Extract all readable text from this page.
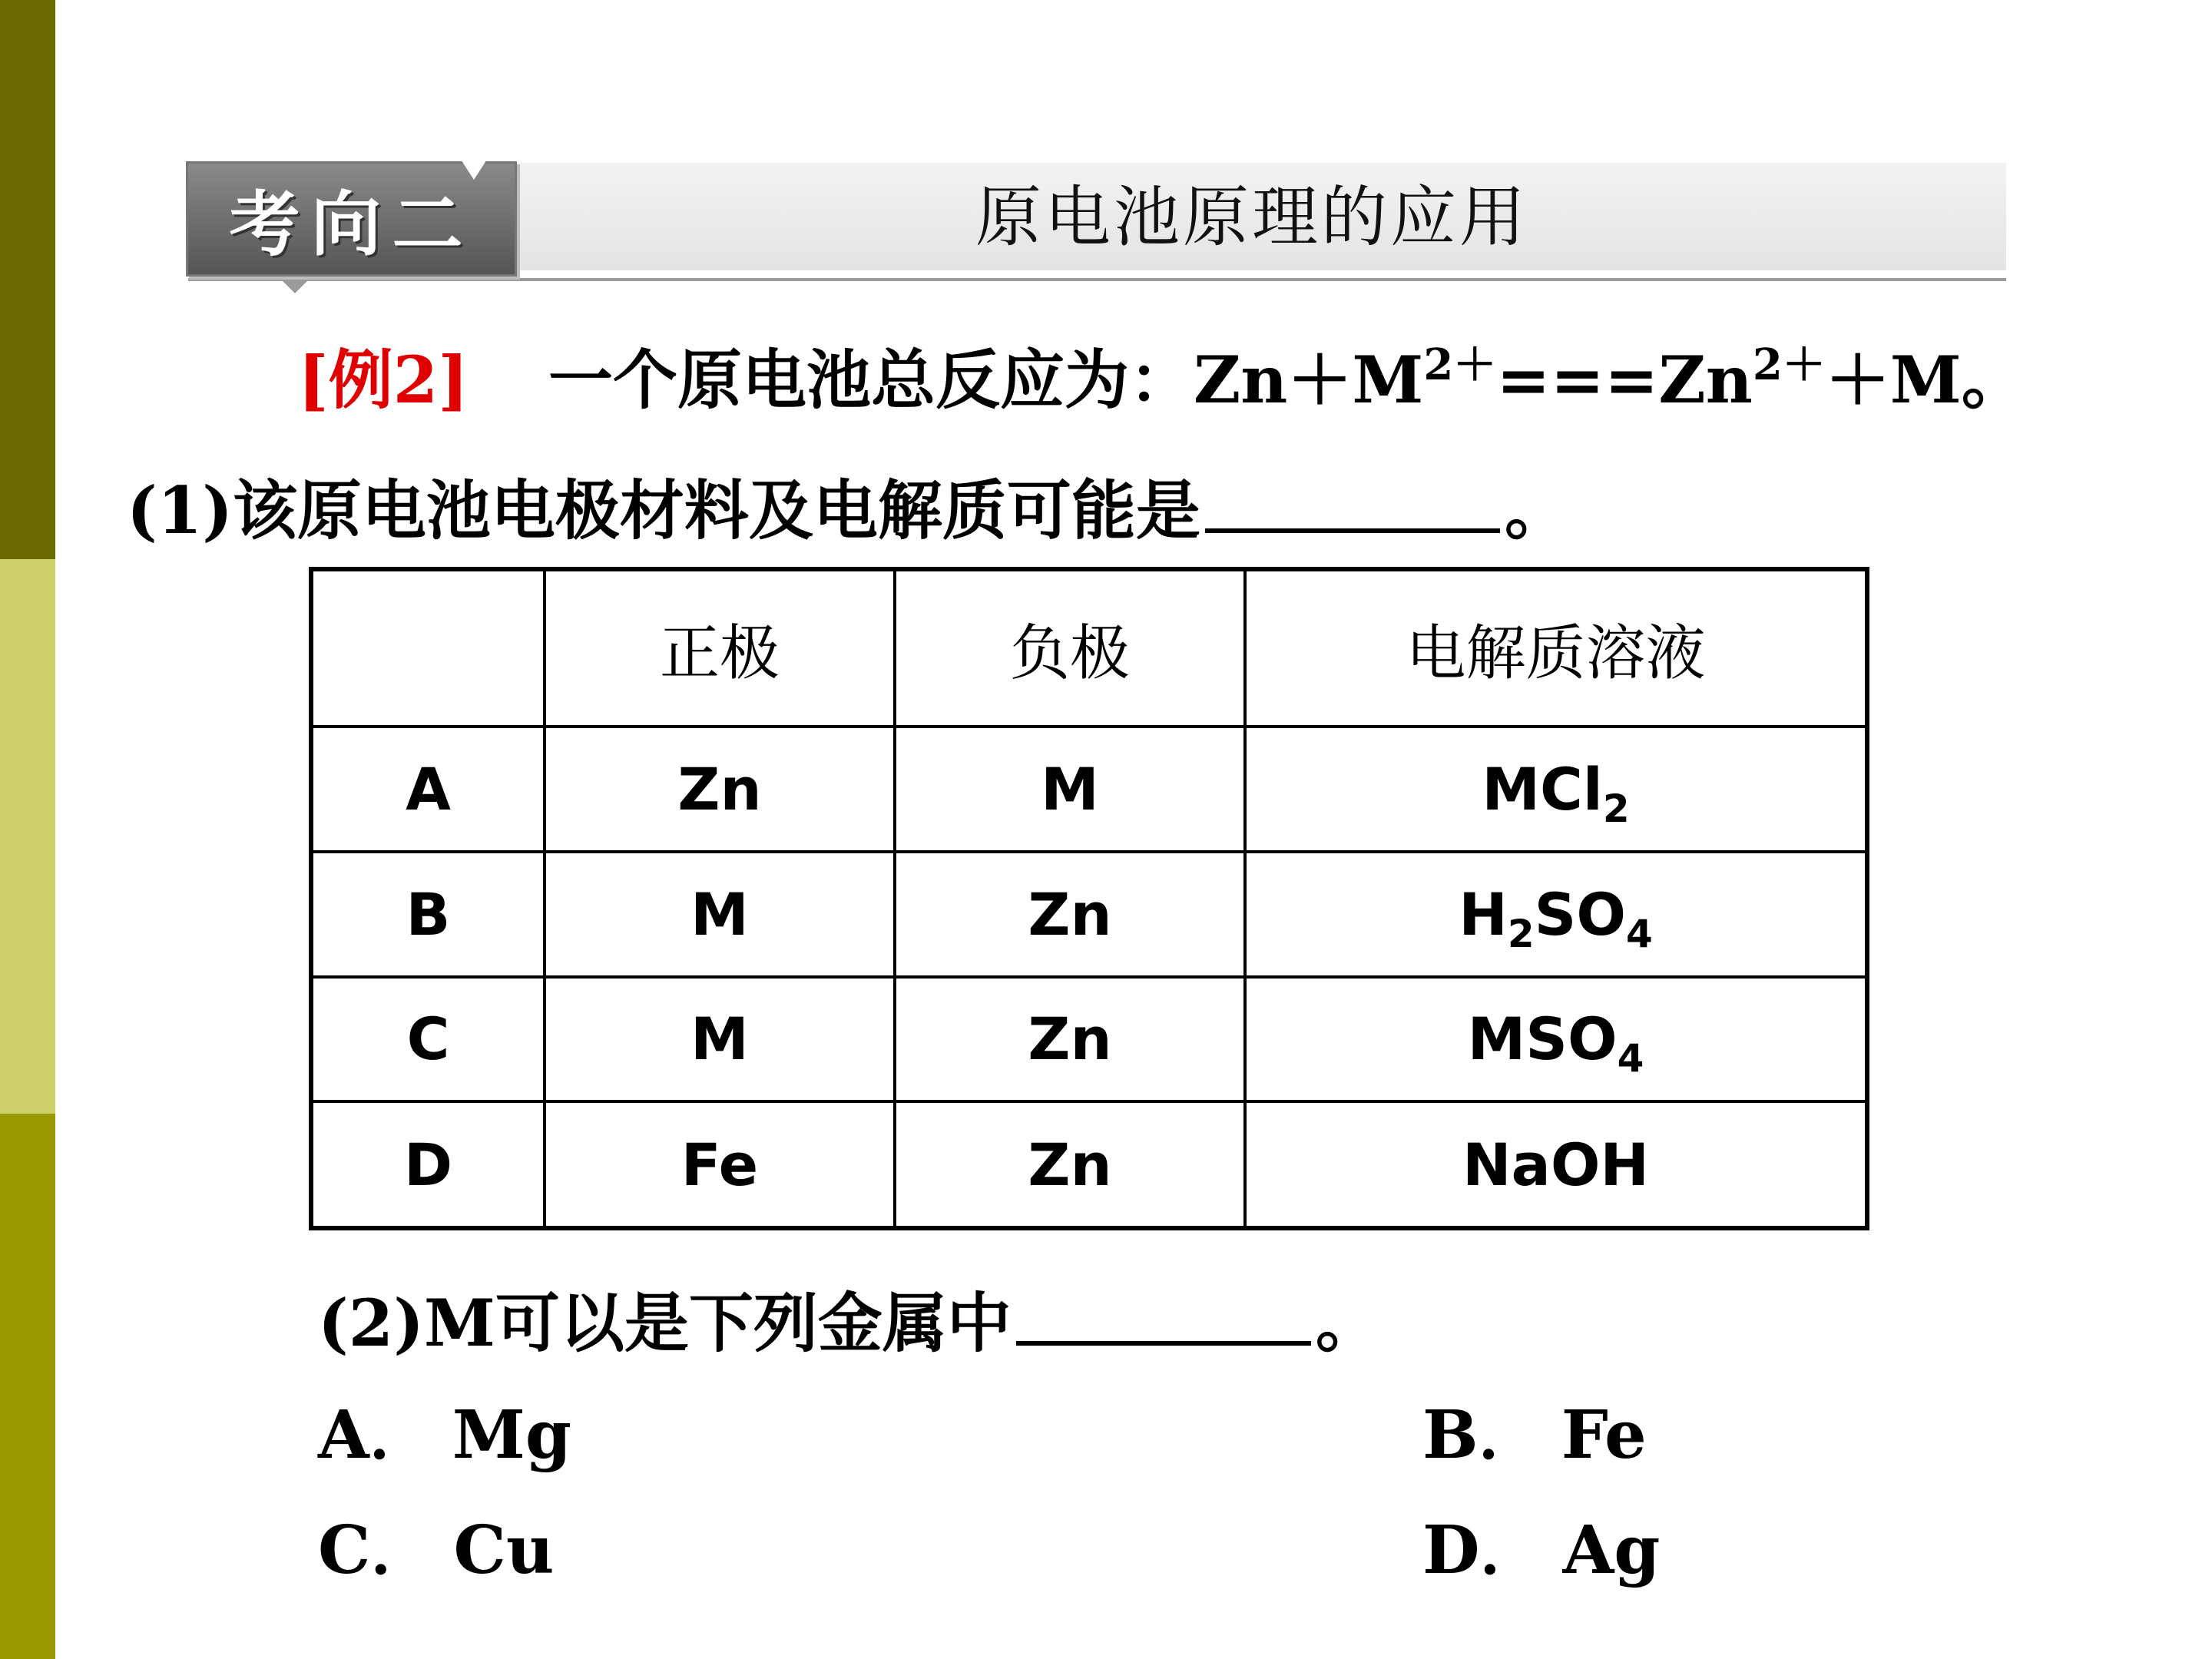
考向二	原电池原理的应用
[例2] 一个原电池总反应为：$Zn+M^{2+}===Zn^{2+}+M$。
(1)该原电池电极材料及电解质可能是	。
	正极	负极	电解质溶液
A	Zn	M	MCl$_2$
B	M	Zn	$H_2SO_4$
C	M	Zn	$MSO_4$
D	Fe	Zn	NaOH
(2)M可以是下列金属中	。
A． Mg	B． Fe
C． Cu	D． Ag
